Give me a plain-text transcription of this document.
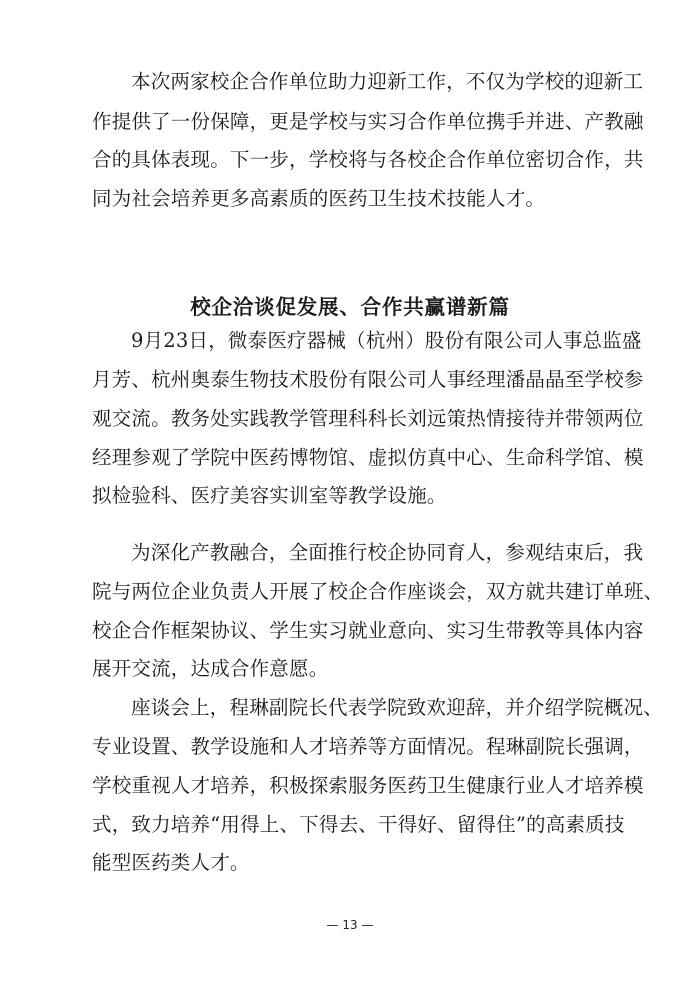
本次两家校企合作单位助力迎新工作，不仅为学校的迎新工
作提供了一份保障，更是学校与实习合作单位携手并进、产教融
合的具体表现。下一步，学校将与各校企合作单位密切合作，共
同为社会培养更多高素质的医药卫生技术技能人才。
校企洽谈促发展、合作共赢谱新篇
9月23日，微泰医疗器械（杭州）股份有限公司人事总监盛
月芳、杭州奥泰生物技术股份有限公司人事经理潘晶晶至学校参
观交流。教务处实践教学管理科科长刘远策热情接待并带领两位
经理参观了学院中医药博物馆、虚拟仿真中心、生命科学馆、模
拟检验科、医疗美容实训室等教学设施。
为深化产教融合，全面推行校企协同育人，参观结束后，我
院与两位企业负责人开展了校企合作座谈会，双方就共建订单班、
校企合作框架协议、学生实习就业意向、实习生带教等具体内容
展开交流，达成合作意愿。
座谈会上，程琳副院长代表学院致欢迎辞，并介绍学院概况、
专业设置、教学设施和人才培养等方面情况。程琳副院长强调，
学校重视人才培养，积极探索服务医药卫生健康行业人才培养模
式，致力培养“用得上、下得去、干得好、留得住”的高素质技
能型医药类人才。
— 13 —
